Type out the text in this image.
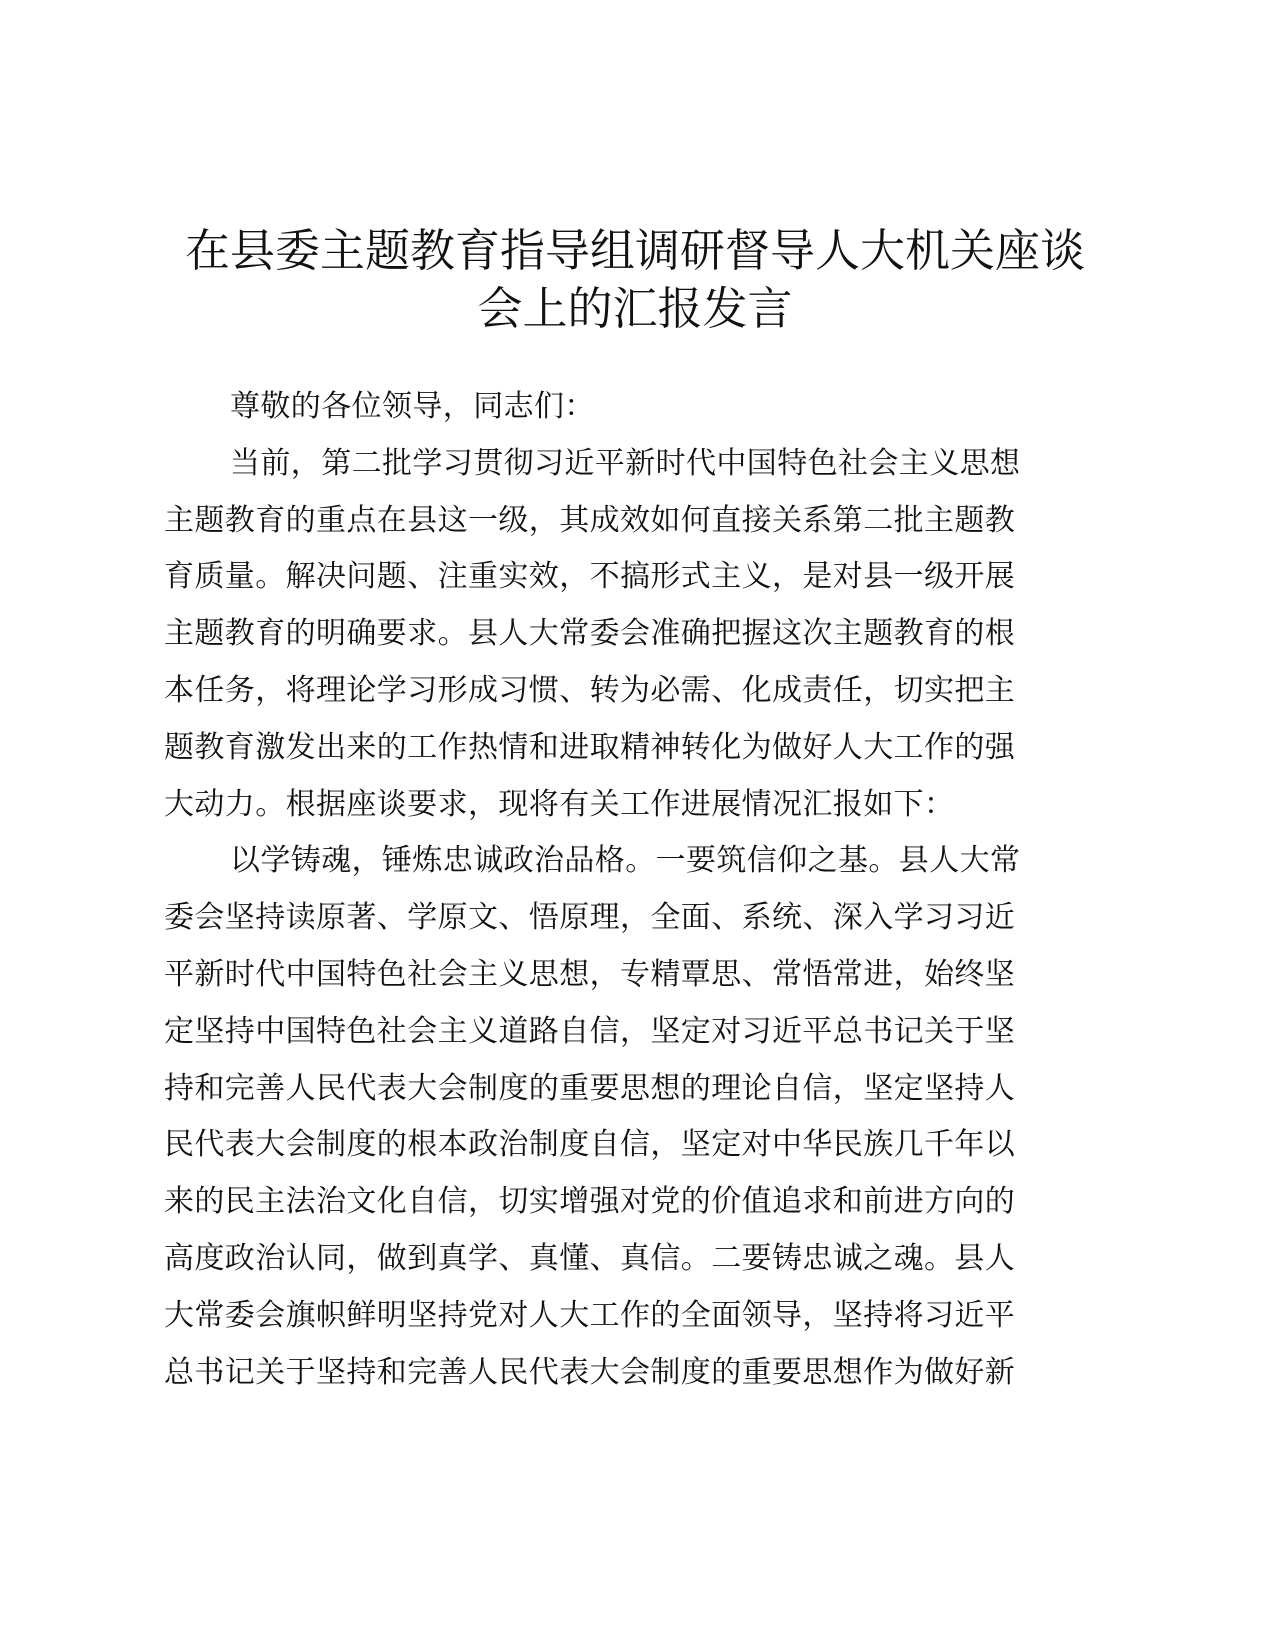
在县委主题教育指导组调研督导人大机关座谈
会上的汇报发言
尊敬的各位领导，同志们：
当前，第二批学习贯彻习近平新时代中国特色社会主义思想
主题教育的重点在县这一级，其成效如何直接关系第二批主题教
育质量。解决问题、注重实效，不搞形式主义，是对县一级开展
主题教育的明确要求。县人大常委会准确把握这次主题教育的根
本任务，将理论学习形成习惯、转为必需、化成责任，切实把主
题教育激发出来的工作热情和进取精神转化为做好人大工作的强
大动力。根据座谈要求，现将有关工作进展情况汇报如下：
以学铸魂，锤炼忠诚政治品格。一要筑信仰之基。县人大常
委会坚持读原著、学原文、悟原理，全面、系统、深入学习习近
平新时代中国特色社会主义思想，专精覃思、常悟常进，始终坚
定坚持中国特色社会主义道路自信，坚定对习近平总书记关于坚
持和完善人民代表大会制度的重要思想的理论自信，坚定坚持人
民代表大会制度的根本政治制度自信，坚定对中华民族几千年以
来的民主法治文化自信，切实增强对党的价值追求和前进方向的
高度政治认同，做到真学、真懂、真信。二要铸忠诚之魂。县人
大常委会旗帜鲜明坚持党对人大工作的全面领导，坚持将习近平
总书记关于坚持和完善人民代表大会制度的重要思想作为做好新
